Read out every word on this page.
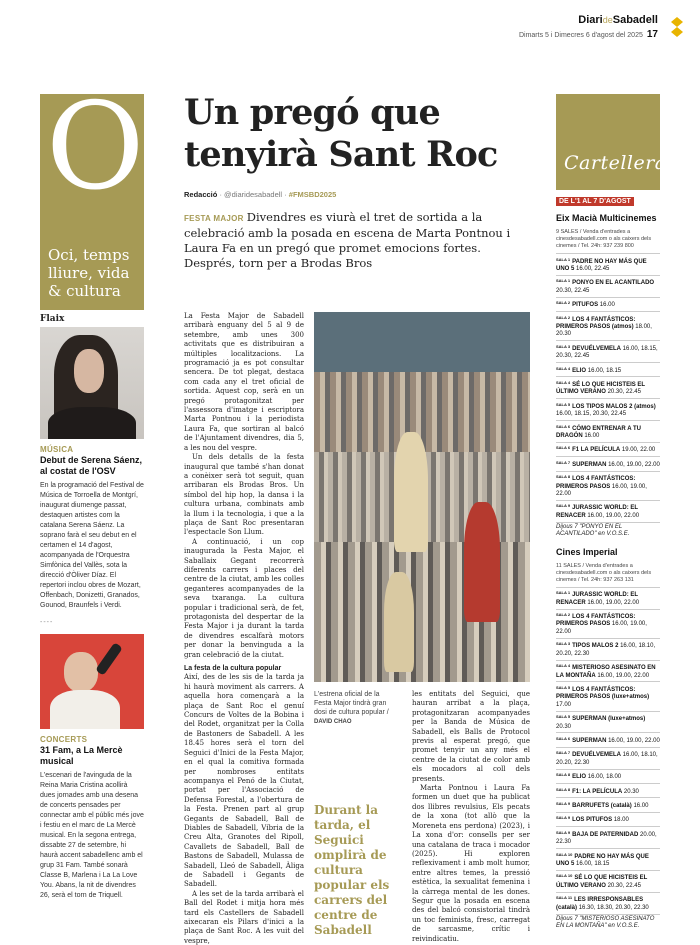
DiarideSabadell
Dimarts 5 i Dimecres 6 d'agost del 2025 17
O
Oci, temps lliure, vida & cultura
Flaix
MÚSICA
Debut de Serena Sáenz, al costat de l'OSV
En la programació del Festival de Música de Torroella de Montgrí, inaugurat diumenge passat, destaquen artistes com la catalana Serena Sáenz. La soprano farà el seu debut en el certamen el 14 d'agost, acompanyada de l'Orquestra Simfònica del Vallès, sota la direcció d'Òliver Díaz. El repertori inclou obres de Mozart, Offenbach, Donizetti, Granados, Gounod, Braunfels i Verdi.
----
CONCERTS
31 Fam, a La Mercè musical
L'escenari de l'avinguda de la Reina Maria Cristina acollirà dues jornades amb una desena de concerts pensades per connectar amb el públic més jove i festiu en el marc de La Mercè musical. En la segona entrega, dissabte 27 de setembre, hi haurà accent sabadellenc amb el grup 31 Fam. També sonarà Classe B, Marlena i La La Love You. Abans, la nit de divendres 26, serà el torn de Triquell.
Un pregó que tenyirà Sant Roc
Redacció · @diaridesabadell · #FMSBD2025
FESTA MAJOR Divendres es viurà el tret de sortida a la celebració amb la posada en escena de Marta Pontnou i Laura Fa en un pregó que promet emocions fortes. Després, torn per a Brodas Bros

La Festa Major de Sabadell arribarà enguany del 5 al 9 de setembre, amb unes 300 activitats que es distribuiran a múltiples localitzacions. La programació ja es pot consultar sencera. De tot plegat, destaca com cada any el tret oficial de sortida. Aquest cop, serà en un pregó protagonitzat per l'assessora d'imatge i escriptora Marta Pontnou i la periodista Laura Fa, que sortiran al balcó de l'Ajuntament divendres, dia 5, a les nou del vespre.

Un dels detalls de la festa inaugural que també s'han donat a conèixer serà tot seguit, quan arribaran els Brodas Bros. Un símbol del hip hop, la dansa i la cultura urbana, combinats amb la llum i la tecnologia, i que a la plaça de Sant Roc presentaran l'espectacle Son Llum.

A continuació, i un cop inaugurada la Festa Major, el Saballaix Gegant recorrerà diferents carrers i places del centre de la ciutat, amb les colles geganteres acompanyades de la seva txaranga. La cultura popular i tradicional serà, de fet, protagonista del despertar de la Festa Major i ja durant la tarda de divendres escalfarà motors per donar la benvinguda a la gran celebració de la ciutat.

La festa de la cultura popular

Així, des de les sis de la tarda ja hi haurà moviment als carrers. A aquella hora començarà a la plaça de Sant Roc el genuí Concurs de Voltes de la Bobina i del Rodet, organitzat per la Colla de Bastoners de Sabadell. A les 18.45 hores serà el torn del Seguici d'Inici de la Festa Major, en el qual la comitiva formada per nombroses entitats acompanya el Penó de la Ciutat, portat per l'Associació de Defensa Forestal, a l'obertura de la Festa. Prenen part al grup Gegants de Sabadell, Ball de Diables de Sabadell, Víbria de la Creu Alta, Granotes del Ripoll, Cavallets de Sabadell, Ball de Bastons de Sabadell, Mulassa de Sabadell, Lleó de Sabadell, Àliga de Sabadell i Gegants de Sabadell.

A les set de la tarda arribarà el Ball del Rodet i mitja hora més tard els Castellers de Sabadell aixecaran els Pilars d'inici a la plaça de Sant Roc. A les vuit del vespre,

L'estrena oficial de la Festa Major tindrà gran dosi de cultura popular / DAVID CHAO
Durant la tarda, el Seguici omplirà de cultura popular els carrers del centre de Sabadell

les entitats del Seguici, que hauran arribat a la plaça, protagonitzaran acompanyades per la Banda de Música de Sabadell, els Balls de Protocol previs al esperat pregó, que promet tenyir un any més el centre de la ciutat de color amb els mocadors al coll dels presents.

Marta Pontnou i Laura Fa formen un duet que ha publicat dos llibres revulsius, Els pecats de la xona (tot allò que la Moreneta ens perdona) (2023), i La xona d'or: consells per ser una catalana de traca i mocador (2025). Hi exploren reflexivament i amb molt humor, entre altres temes, la pressió estètica, la sexualitat femenina i la càrrega mental de les dones. Segur que la posada en escena des del balcó consistorial tindrà un toc feminista, fresc, carregat de sarcasme, crític i reivindicatiu.

Cartellera
DE L'1 AL 7 D'AGOST
Eix Macià Multicinemes
9 SALES / Venda d'entrades a cinesdesabadell.com o als caixers dels cinemes / Tel. 24h: 937 239 800
$^{SALA 1}$ PADRE NO HAY MÁS QUE UNO 5 16.00, 22.45
$^{SALA 1}$ PONYO EN EL ACANTILADO 20.30, 22.45
$^{SALA 2}$ PITUFOS 16.00
$^{SALA 2}$ LOS 4 FANTÁSTICOS: PRIMEROS PASOS (atmos) 18.00, 20.30
$^{SALA 3}$ DEVUÉLVEMELA 16.00, 18.15, 20.30, 22.45
$^{SALA 4}$ ELIO 16.00, 18.15
$^{SALA 4}$ SÉ LO QUE HICISTEIS EL ÚLTIMO VERANO 20.30, 22.45
$^{SALA 5}$ LOS TIPOS MALOS 2 (atmos) 16.00, 18.15, 20.30, 22.45
$^{SALA 6}$ CÓMO ENTRENAR A TU DRAGÓN 16.00
$^{SALA 6}$ F1 LA PELÍCULA 19.00, 22.00
$^{SALA 7}$ SUPERMAN 16.00, 19.00, 22.00
$^{SALA 8}$ LOS 4 FANTÁSTICOS: PRIMEROS PASOS 16.00, 19.00, 22.00
$^{SALA 9}$ JURASSIC WORLD: EL RENACER 16.00, 19.00, 22.00
Dijous 7 "PONYO EN EL ACANTILADO" en V.O.S.E.
Cines Imperial
11 SALES / Venda d'entrades a cinesdesabadell.com o als caixers dels cinemes / Tel. 24h: 937 263 131
$^{SALA 1}$ JURASSIC WORLD: EL RENACER 16.00, 19.00, 22.00
$^{SALA 2}$ LOS 4 FANTÁSTICOS: PRIMEROS PASOS 16.00, 19.00, 22.00
$^{SALA 3}$ TIPOS MALOS 2 16.00, 18.10, 20.20, 22.30
$^{SALA 4}$ MISTERIOSO ASESINATO EN LA MONTAÑA 16.00, 19.00, 22.00
$^{SALA 5}$ LOS 4 FANTÁSTICOS: PRIMEROS PASOS (luxe+atmos) 17.00
$^{SALA 5}$ SUPERMAN (luxe+atmos) 20.30
$^{SALA 6}$ SUPERMAN 16.00, 19.00, 22.00
$^{SALA 7}$ DEVUÉLVEMELA 16.00, 18.10, 20.20, 22.30
$^{SALA 8}$ ELIO 16.00, 18.00
$^{SALA 8}$ F1: LA PELÍCULA 20.30
$^{SALA 9}$ BARRUFETS (català) 16.00
$^{SALA 9}$ LOS PITUFOS 18.00
$^{SALA 9}$ BAJA DE PATERNIDAD 20.00, 22.30
$^{SALA 10}$ PADRE NO HAY MÁS QUE UNO 5 16.00, 18.15
$^{SALA 10}$ SÉ LO QUE HICISTEIS EL ÚLTIMO VERANO 20.30, 22.45
$^{SALA 11}$ LES IRRESPONSABLES (català) 16.30, 18.30, 20.30, 22.30
Dijous 7 "MISTERIOSO ASESINATO EN LA MONTAÑA" en V.O.S.E.
